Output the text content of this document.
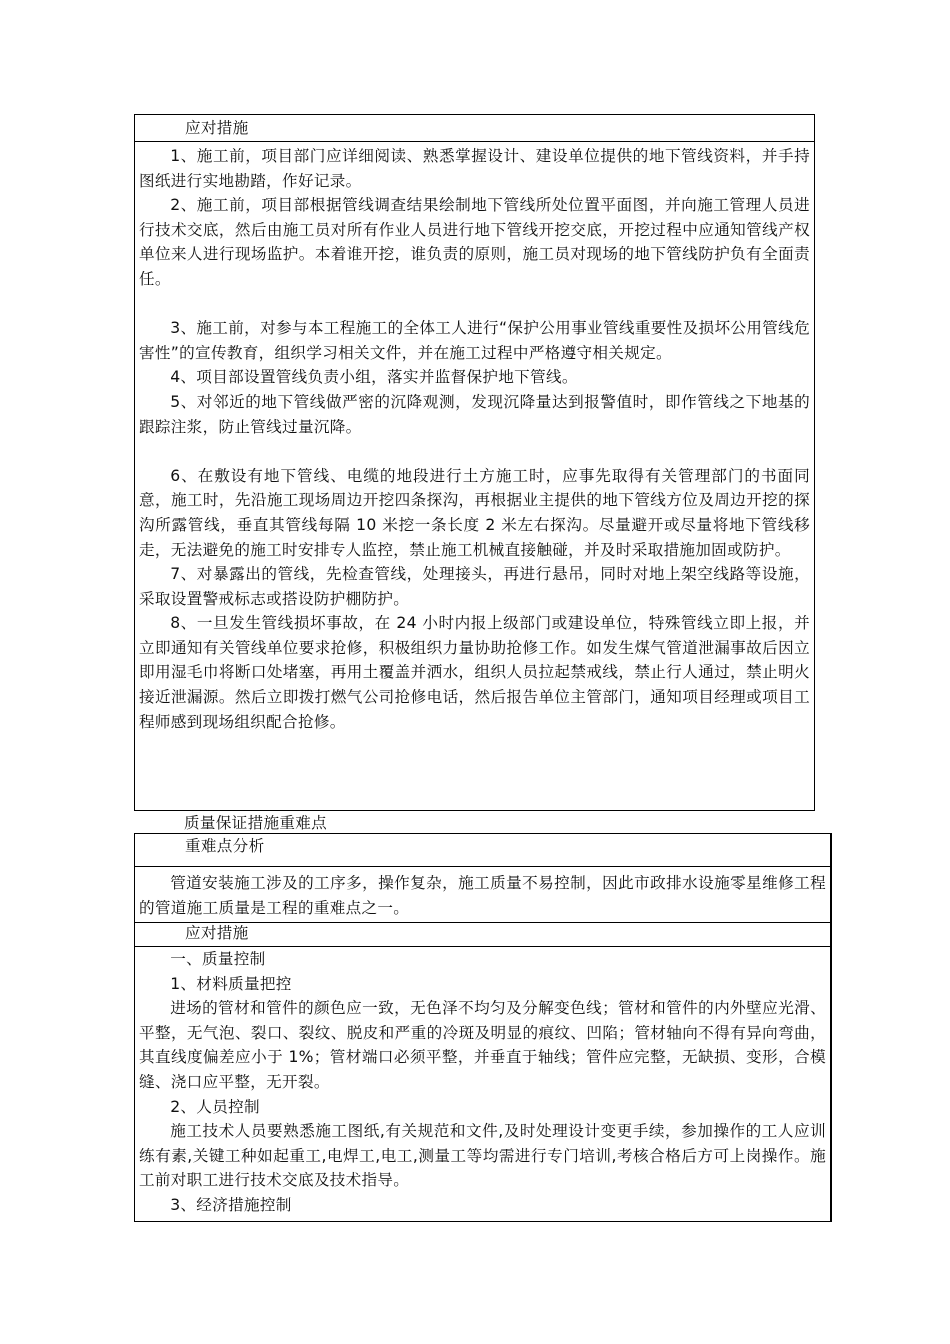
应对措施

1、施工前，项目部门应详细阅读、熟悉掌握设计、建设单位提供的地下管线资料，并手持图纸进行实地勘踏，作好记录。

2、施工前，项目部根据管线调查结果绘制地下管线所处位置平面图，并向施工管理人员进行技术交底，然后由施工员对所有作业人员进行地下管线开挖交底，开挖过程中应通知管线产权单位来人进行现场监护。本着谁开挖，谁负责的原则，施工员对现场的地下管线防护负有全面责任。

3、施工前，对参与本工程施工的全体工人进行“保护公用事业管线重要性及损坏公用管线危害性”的宣传教育，组织学习相关文件，并在施工过程中严格遵守相关规定。

4、项目部设置管线负责小组，落实并监督保护地下管线。

5、对邻近的地下管线做严密的沉降观测，发现沉降量达到报警值时，即作管线之下地基的跟踪注浆，防止管线过量沉降。

6、在敷设有地下管线、电缆的地段进行土方施工时，应事先取得有关管理部门的书面同意，施工时，先沿施工现场周边开挖四条探沟，再根据业主提供的地下管线方位及周边开挖的探沟所露管线，垂直其管线每隔 10 米挖一条长度 2 米左右探沟。尽量避开或尽量将地下管线移走，无法避免的施工时安排专人监控，禁止施工机械直接触碰，并及时采取措施加固或防护。

7、对暴露出的管线，先检查管线，处理接头，再进行悬吊，同时对地上架空线路等设施，采取设置警戒标志或搭设防护棚防护。

8、一旦发生管线损坏事故，在 24 小时内报上级部门或建设单位，特殊管线立即上报，并立即通知有关管线单位要求抢修，积极组织力量协助抢修工作。如发生煤气管道泄漏事故后因立即用湿毛巾将断口处堵塞，再用土覆盖并洒水，组织人员拉起禁戒线，禁止行人通过，禁止明火接近泄漏源。然后立即拨打燃气公司抢修电话，然后报告单位主管部门，通知项目经理或项目工程师感到现场组织配合抢修。

质量保证措施重难点

重难点分析

管道安装施工涉及的工序多，操作复杂，施工质量不易控制，因此市政排水设施零星维修工程的管道施工质量是工程的重难点之一。

应对措施

一、质量控制

1、材料质量把控

进场的管材和管件的颜色应一致，无色泽不均匀及分解变色线；管材和管件的内外壁应光滑、平整，无气泡、裂口、裂纹、脱皮和严重的冷斑及明显的痕纹、凹陷；管材轴向不得有异向弯曲，其直线度偏差应小于 1%；管材端口必须平整，并垂直于轴线；管件应完整，无缺损、变形，合模缝、浇口应平整，无开裂。

2、人员控制

施工技术人员要熟悉施工图纸,有关规范和文件,及时处理设计变更手续，参加操作的工人应训练有素,关键工种如起重工,电焊工,电工,测量工等均需进行专门培训,考核合格后方可上岗操作。施工前对职工进行技术交底及技术指导。

3、经济措施控制
